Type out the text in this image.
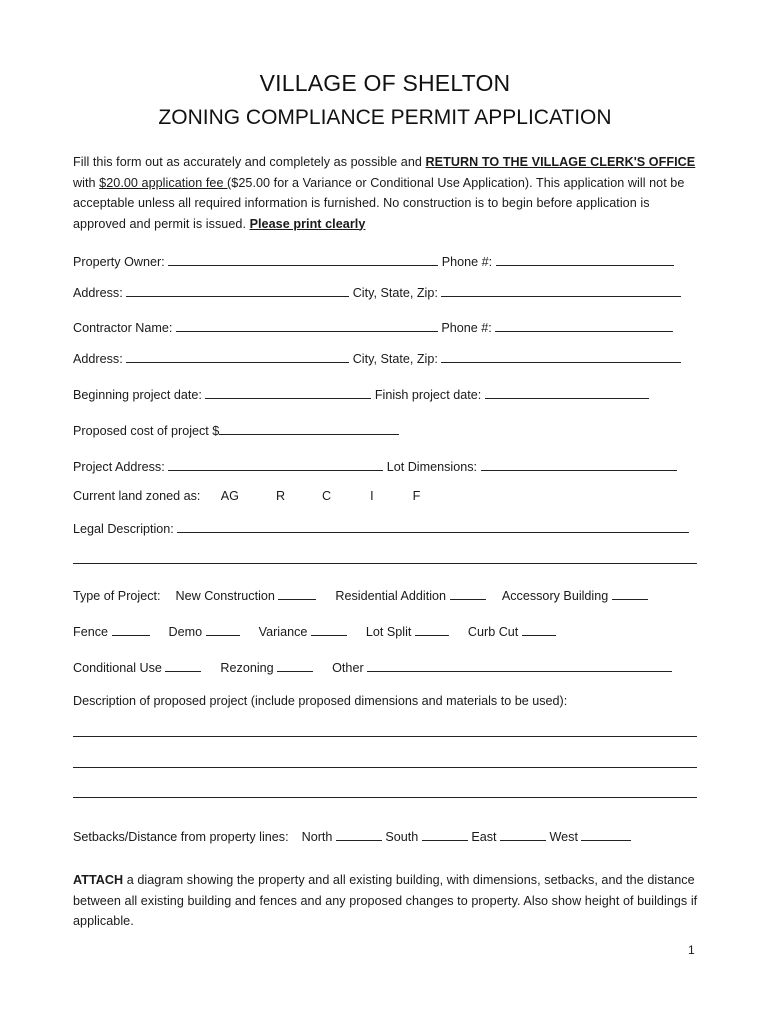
VILLAGE OF SHELTON
ZONING COMPLIANCE PERMIT APPLICATION
Fill this form out as accurately and completely as possible and RETURN TO THE VILLAGE CLERK'S OFFICE with $20.00 application fee ($25.00 for a Variance or Conditional Use Application). This application will not be acceptable unless all required information is furnished. No construction is to begin before application is approved and permit is issued. Please print clearly
Property Owner:	Phone #:
Address:	City, State, Zip:
Contractor Name:	Phone #:
Address:	City, State, Zip:
Beginning project date:	Finish project date:
Proposed cost of project $
Project Address:	Lot Dimensions:
Current land zoned as: AG	R	C	I	F
Legal Description:
Type of Project: New Construction	Residential Addition	Accessory Building
Fence	Demo	Variance	Lot Split	Curb Cut
Conditional Use	Rezoning	Other
Description of proposed project (include proposed dimensions and materials to be used):
Setbacks/Distance from property lines: North	South	East	West
ATTACH a diagram showing the property and all existing building, with dimensions, setbacks, and the distance between all existing building and fences and any proposed changes to property. Also show height of buildings if applicable.
1
